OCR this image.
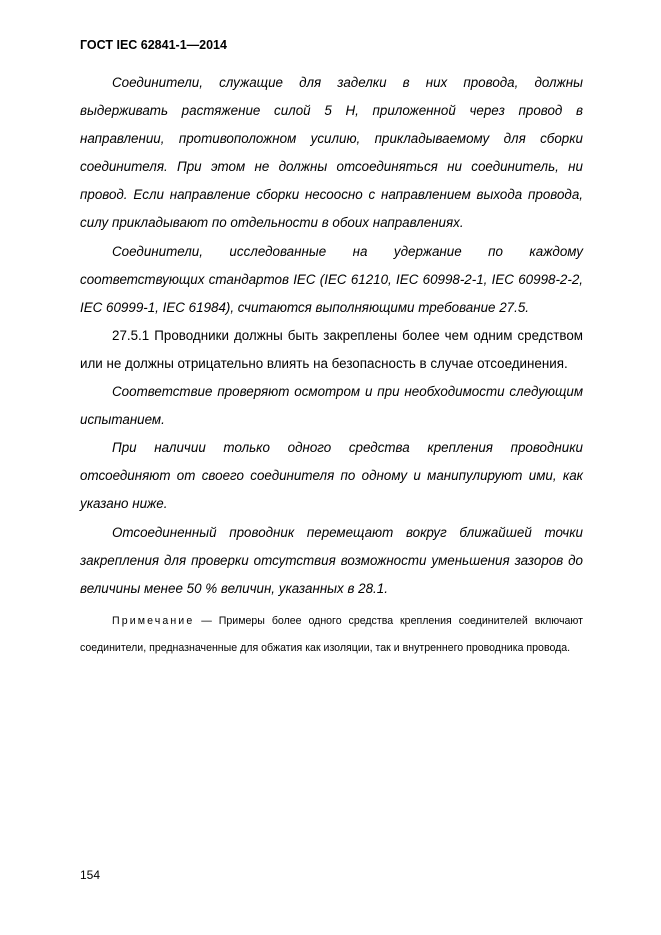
ГОСТ IEC 62841-1—2014

Соединители, служащие для заделки в них провода, должны выдерживать растяжение силой 5 Н, приложенной через провод в направлении, противоположном усилию, прикладываемому для сборки соединителя. При этом не должны отсоединяться ни соединитель, ни провод. Если направление сборки несоосно с направлением выхода провода, силу прикладывают по отдельности в обоих направлениях.

Соединители, исследованные на удержание по каждому соответствующих стандартов IEC (IEC 61210, IEC 60998-2-1, IEC 60998-2-2, IEC 60999-1, IEC 61984), считаются выполняющими требование 27.5.

27.5.1 Проводники должны быть закреплены более чем одним средством или не должны отрицательно влиять на безопасность в случае отсоединения.

Соответствие проверяют осмотром и при необходимости следующим испытанием.

При наличии только одного средства крепления проводники отсоединяют от своего соединителя по одному и манипулируют ими, как указано ниже.

Отсоединенный проводник перемещают вокруг ближайшей точки закрепления для проверки отсутствия возможности уменьшения зазоров до величины менее 50 % величин, указанных в 28.1.

Примечание — Примеры более одного средства крепления соединителей включают соединители, предназначенные для обжатия как изоляции, так и внутреннего проводника провода.

154
